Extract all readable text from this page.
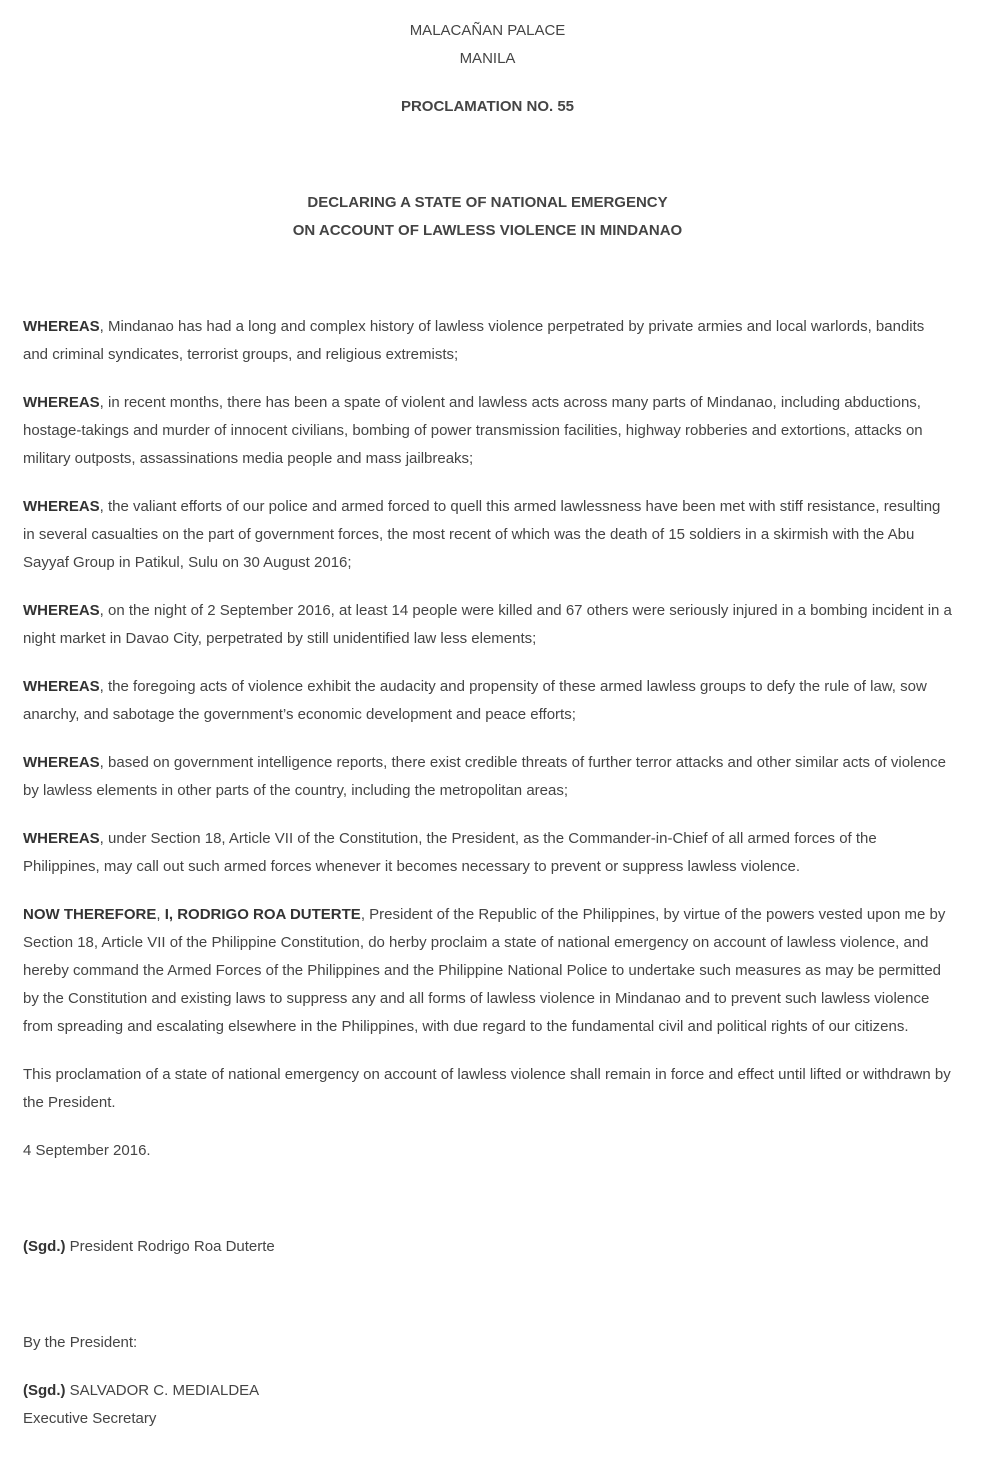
MALACAÑAN PALACE

MANILA

PROCLAMATION NO. 55

DECLARING A STATE OF NATIONAL EMERGENCY

ON ACCOUNT OF LAWLESS VIOLENCE IN MINDANAO

WHEREAS, Mindanao has had a long and complex history of lawless violence perpetrated by private armies and local warlords, bandits and criminal syndicates, terrorist groups, and religious extremists;

WHEREAS, in recent months, there has been a spate of violent and lawless acts across many parts of Mindanao, including abductions, hostage-takings and murder of innocent civilians, bombing of power transmission facilities, highway robberies and extortions, attacks on military outposts, assassinations media people and mass jailbreaks;

WHEREAS, the valiant efforts of our police and armed forced to quell this armed lawlessness have been met with stiff resistance, resulting in several casualties on the part of government forces, the most recent of which was the death of 15 soldiers in a skirmish with the Abu Sayyaf Group in Patikul, Sulu on 30 August 2016;

WHEREAS, on the night of 2 September 2016, at least 14 people were killed and 67 others were seriously injured in a bombing incident in a night market in Davao City, perpetrated by still unidentified law less elements;

WHEREAS, the foregoing acts of violence exhibit the audacity and propensity of these armed lawless groups to defy the rule of law, sow anarchy, and sabotage the government’s economic development and peace efforts;

WHEREAS, based on government intelligence reports, there exist credible threats of further terror attacks and other similar acts of violence by lawless elements in other parts of the country, including the metropolitan areas;

WHEREAS, under Section 18, Article VII of the Constitution, the President, as the Commander-in-Chief of all armed forces of the Philippines, may call out such armed forces whenever it becomes necessary to prevent or suppress lawless violence.

NOW THEREFORE, I, RODRIGO ROA DUTERTE, President of the Republic of the Philippines, by virtue of the powers vested upon me by Section 18, Article VII of the Philippine Constitution, do herby proclaim a state of national emergency on account of lawless violence, and hereby command the Armed Forces of the Philippines and the Philippine National Police to undertake such measures as may be permitted by the Constitution and existing laws to suppress any and all forms of lawless violence in Mindanao and to prevent such lawless violence from spreading and escalating elsewhere in the Philippines, with due regard to the fundamental civil and political rights of our citizens.

This proclamation of a state of national emergency on account of lawless violence shall remain in force and effect until lifted or withdrawn by the President.

4 September 2016.

(Sgd.) President Rodrigo Roa Duterte

By the President:

(Sgd.) SALVADOR C. MEDIALDEA

Executive Secretary
